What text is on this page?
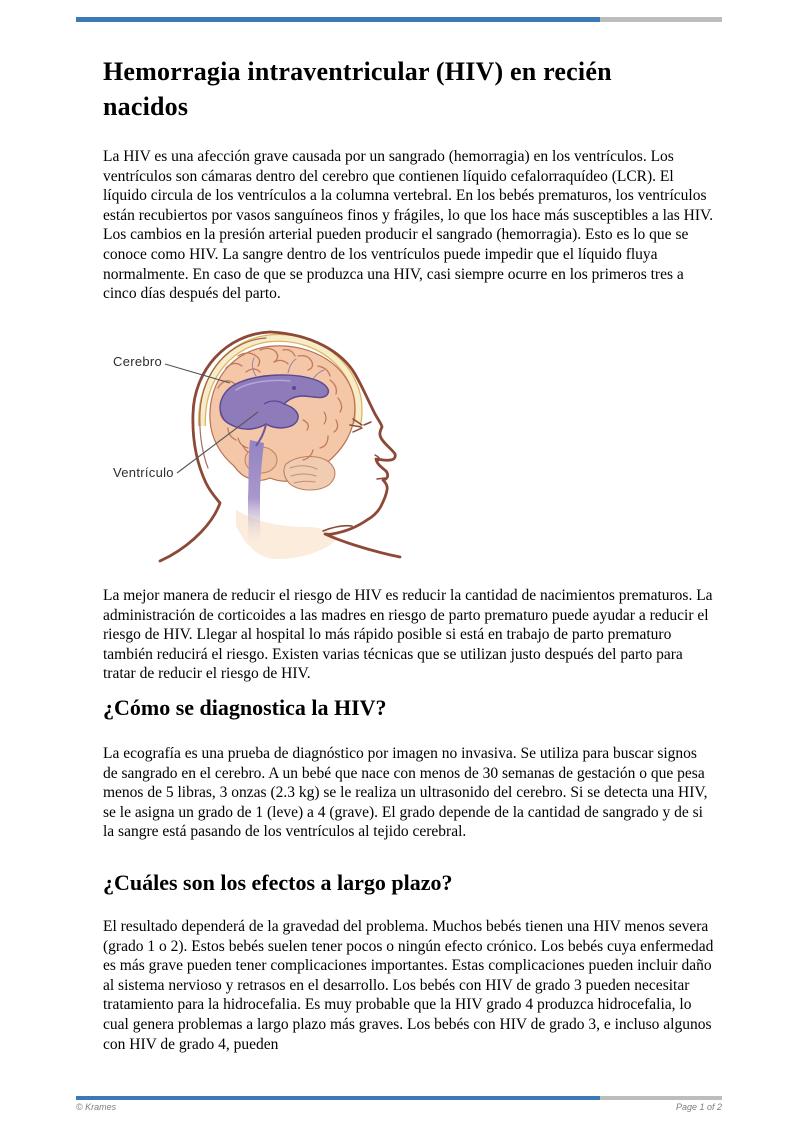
Hemorragia intraventricular (HIV) en recién nacidos

La HIV es una afección grave causada por un sangrado (hemorragia) en los ventrículos. Los ventrículos son cámaras dentro del cerebro que contienen líquido cefalorraquídeo (LCR). El líquido circula de los ventrículos a la columna vertebral. En los bebés prematuros, los ventrículos están recubiertos por vasos sanguíneos finos y frágiles, lo que los hace más susceptibles a las HIV. Los cambios en la presión arterial pueden producir el sangrado (hemorragia). Esto es lo que se conoce como HIV. La sangre dentro de los ventrículos puede impedir que el líquido fluya normalmente. En caso de que se produzca una HIV, casi siempre ocurre en los primeros tres a cinco días después del parto.

Cerebro
Ventrículo

La mejor manera de reducir el riesgo de HIV es reducir la cantidad de nacimientos prematuros. La administración de corticoides a las madres en riesgo de parto prematuro puede ayudar a reducir el riesgo de HIV. Llegar al hospital lo más rápido posible si está en trabajo de parto prematuro también reducirá el riesgo. Existen varias técnicas que se utilizan justo después del parto para tratar de reducir el riesgo de HIV.

¿Cómo se diagnostica la HIV?

La ecografía es una prueba de diagnóstico por imagen no invasiva. Se utiliza para buscar signos de sangrado en el cerebro. A un bebé que nace con menos de 30 semanas de gestación o que pesa menos de 5 libras, 3 onzas (2.3 kg) se le realiza un ultrasonido del cerebro. Si se detecta una HIV, se le asigna un grado de 1 (leve) a 4 (grave). El grado depende de la cantidad de sangrado y de si la sangre está pasando de los ventrículos al tejido cerebral.

¿Cuáles son los efectos a largo plazo?

El resultado dependerá de la gravedad del problema. Muchos bebés tienen una HIV menos severa (grado 1 o 2). Estos bebés suelen tener pocos o ningún efecto crónico. Los bebés cuya enfermedad es más grave pueden tener complicaciones importantes. Estas complicaciones pueden incluir daño al sistema nervioso y retrasos en el desarrollo. Los bebés con HIV de grado 3 pueden necesitar tratamiento para la hidrocefalia. Es muy probable que la HIV grado 4 produzca hidrocefalia, lo cual genera problemas a largo plazo más graves. Los bebés con HIV de grado 3, e incluso algunos con HIV de grado 4, pueden

© Krames	Page 1 of 2
